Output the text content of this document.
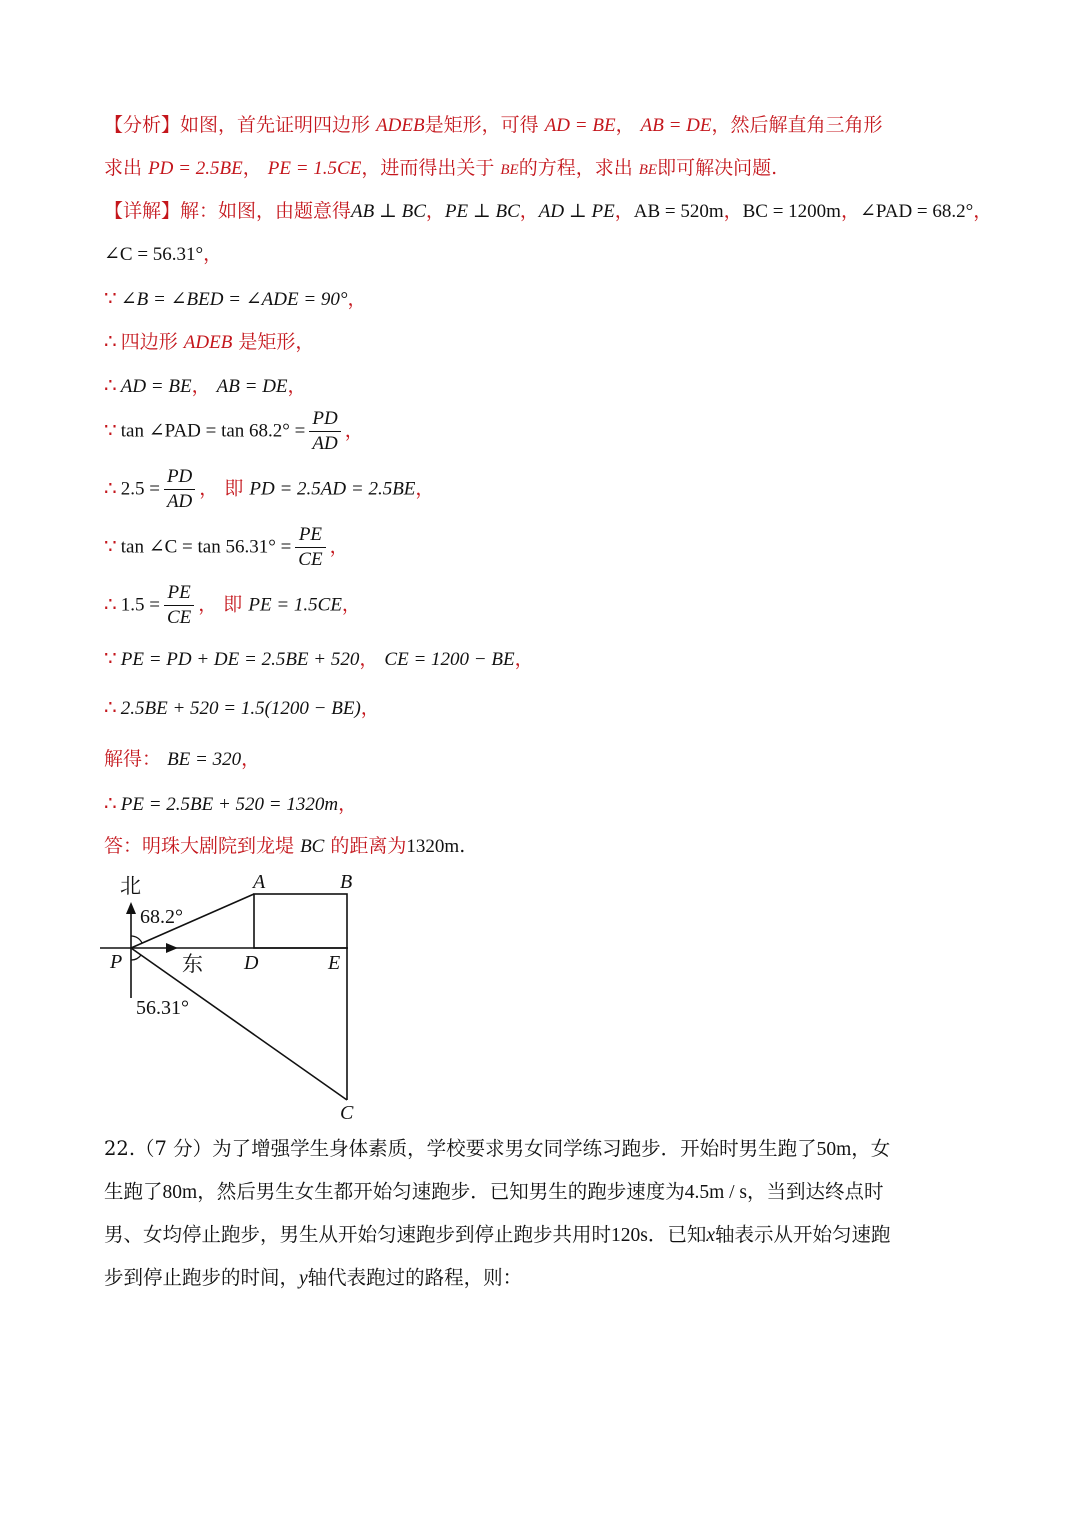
【分析】如图，首先证明四边形 ADEB是矩形，可得 AD = BE， AB = DE，然后解直角三角形
求出 PD = 2.5BE， PE = 1.5CE，进而得出关于 BE的方程，求出 BE即可解决问题.
【详解】解：如图，由题意得AB ⊥ BC，PE ⊥ BC，AD ⊥ PE，AB = 520m，BC = 1200m，∠PAD = 68.2°，
∠C = 56.31°，
∵ ∠B = ∠BED = ∠ADE = 90°，
∴ 四边形 ADEB 是矩形，
∴ AD = BE， AB = DE，
∵ tan ∠PAD = $\tan 68.2^\circ = \frac{PD}{AD}$ ，
∴ $2.5 = \frac{PD}{AD}$ ， 即 PD = 2.5AD = 2.5BE，
∵ tan ∠C = $\tan 56.31^\circ = \frac{PE}{CE}$ ，
∴ $1.5 = \frac{PE}{CE}$ ， 即 PE = 1.5CE，
∵ PE = PD + DE = 2.5BE + 520， CE = 1200 − BE，
∴ 2.5BE + 520 = 1.5(1200 − BE)，
解得： BE = 320，
∴ PE = 2.5BE + 520 = 1320m，
答：明珠大剧院到龙堤 BC 的距离为1320m.
北
68.2°
东
56.31°
A	B
P	D	E
C
22.（7 分）为了增强学生身体素质，学校要求男女同学练习跑步．开始时男生跑了50m，女
生跑了80m，然后男生女生都开始匀速跑步．已知男生的跑步速度为4.5m / s，当到达终点时
男、女均停止跑步，男生从开始匀速跑步到停止跑步共用时120s．已知x轴表示从开始匀速跑
步到停止跑步的时间，y轴代表跑过的路程，则：
